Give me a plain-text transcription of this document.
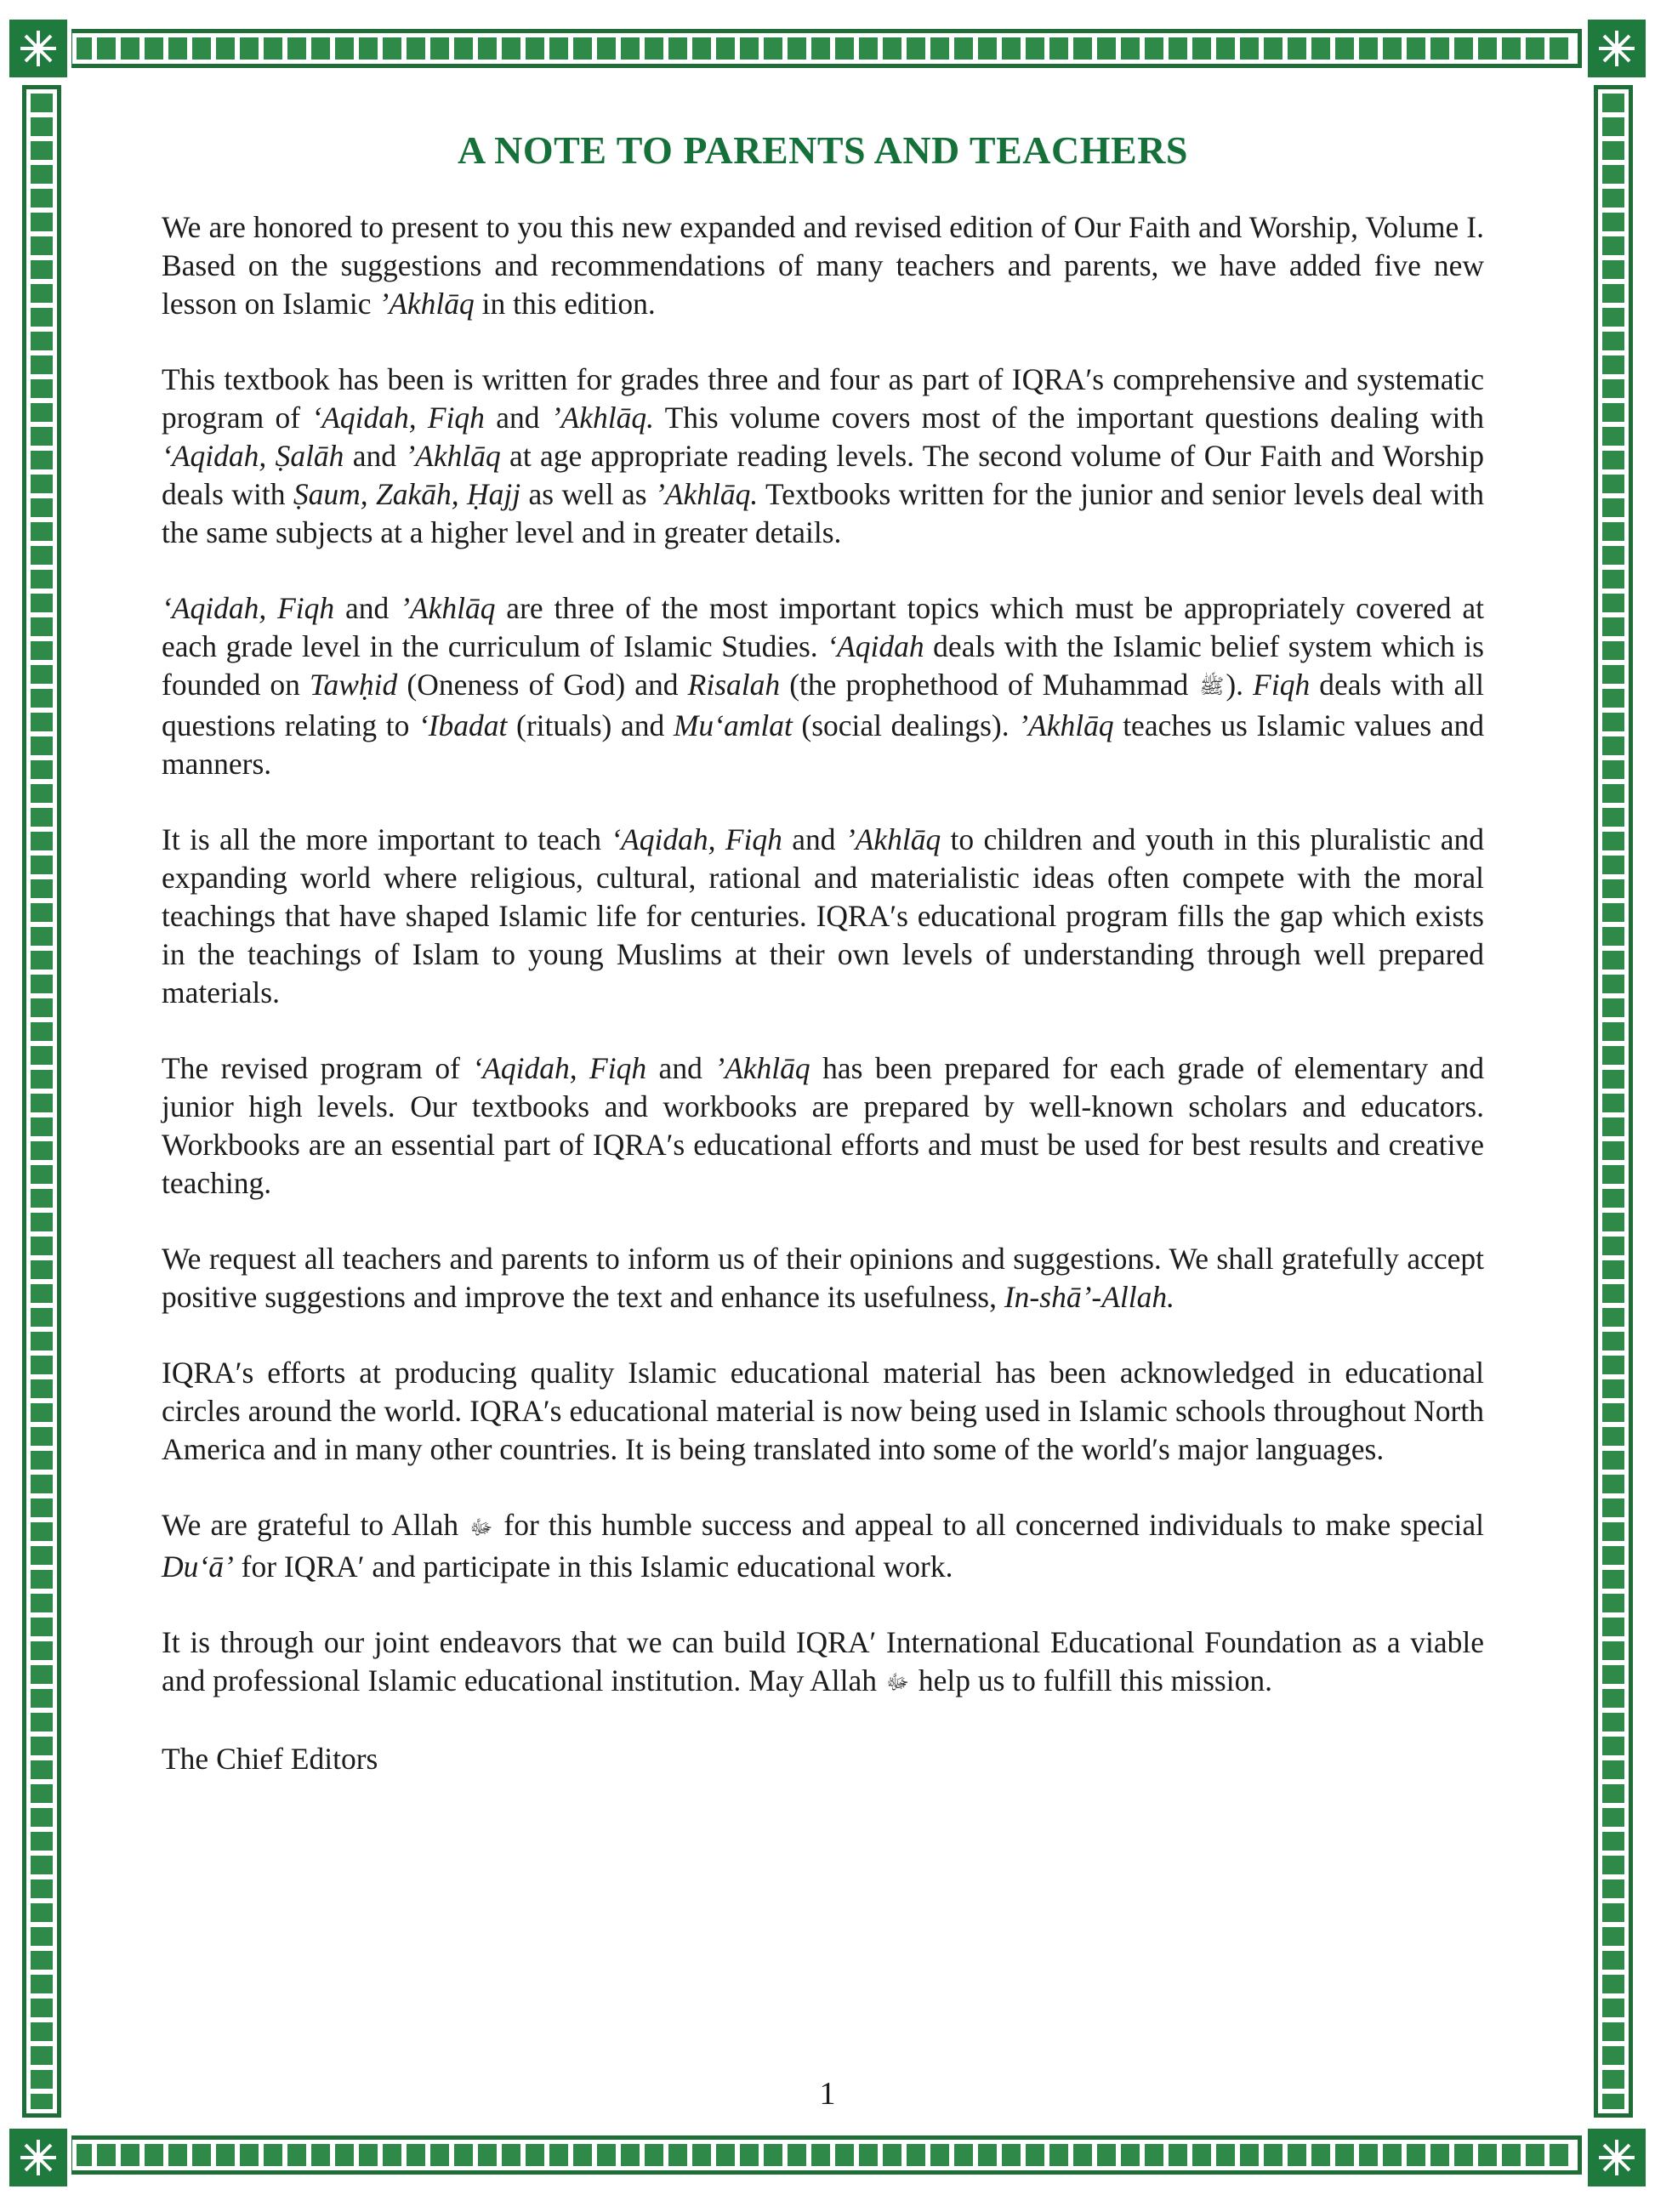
A NOTE TO PARENTS AND TEACHERS

We are honored to present to you this new expanded and revised edition of Our Faith and Worship, Volume I. Based on the suggestions and recommendations of many teachers and parents, we have added five new lesson on Islamic ’Akhlāq in this edition.

This textbook has been is written for grades three and four as part of IQRA′s comprehensive and systematic program of ‘Aqidah, Fiqh and ’Akhlāq. This volume covers most of the important questions dealing with ‘Aqidah, Ṣalāh and ’Akhlāq at age appropriate reading levels. The second volume of Our Faith and Worship deals with Ṣaum, Zakāh, Ḥajj as well as ’Akhlāq. Textbooks written for the junior and senior levels deal with the same subjects at a higher level and in greater details.

‘Aqidah, Fiqh and ’Akhlāq are three of the most important topics which must be appropriately covered at each grade level in the curriculum of Islamic Studies. ‘Aqidah deals with the Islamic belief system which is founded on Tawḥid (Oneness of God) and Risalah (the prophethood of Muhammad ﷺ). Fiqh deals with all questions relating to ‘Ibadat (rituals) and Mu‘amlat (social dealings). ’Akhlāq teaches us Islamic values and manners.

It is all the more important to teach ‘Aqidah, Fiqh and ’Akhlāq to children and youth in this pluralistic and expanding world where religious, cultural, rational and materialistic ideas often compete with the moral teachings that have shaped Islamic life for centuries. IQRA′s educational program fills the gap which exists in the teachings of Islam to young Muslims at their own levels of understanding through well prepared materials.

The revised program of ‘Aqidah, Fiqh and ’Akhlāq has been prepared for each grade of elementary and junior high levels. Our textbooks and workbooks are prepared by well-known scholars and educators. Workbooks are an essential part of IQRA′s educational efforts and must be used for best results and creative teaching.

We request all teachers and parents to inform us of their opinions and suggestions. We shall gratefully accept positive suggestions and improve the text and enhance its usefulness, In-shā’-Allah.

IQRA′s efforts at producing quality Islamic educational material has been acknowledged in educational circles around the world. IQRA′s educational material is now being used in Islamic schools throughout North America and in many other countries. It is being translated into some of the world′s major languages.

We are grateful to Allah ﷻ for this humble success and appeal to all concerned individuals to make special Du‘ā’ for IQRA′ and participate in this Islamic educational work.

It is through our joint endeavors that we can build IQRA′ International Educational Foundation as a viable and professional Islamic educational institution. May Allah ﷻ help us to fulfill this mission.

The Chief Editors

1
